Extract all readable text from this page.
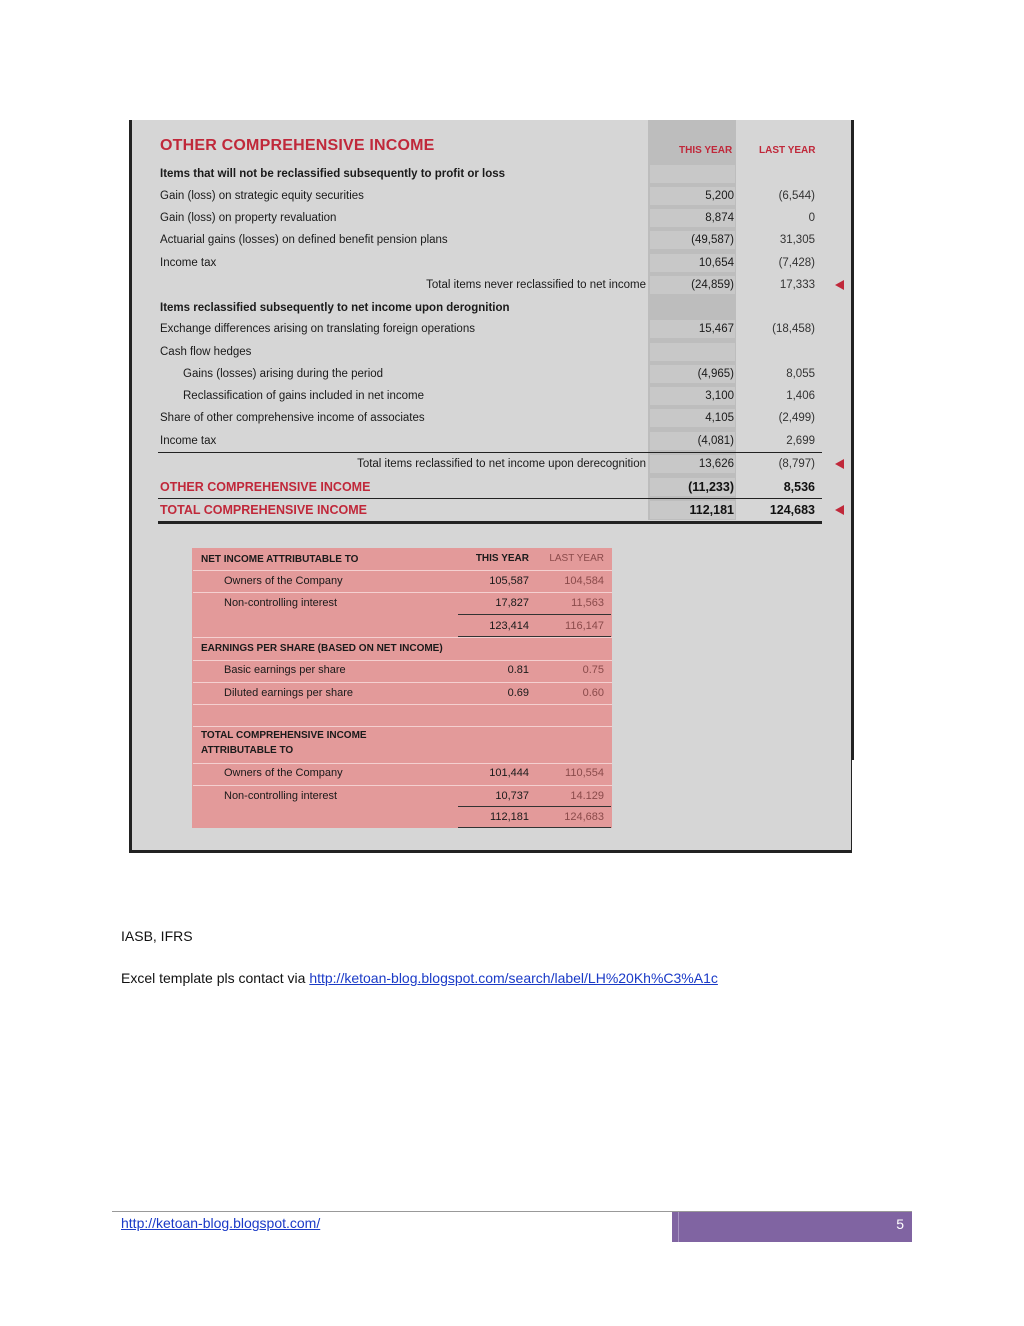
OTHER COMPREHENSIVE INCOME	THIS YEAR	LAST YEAR
Items that will not be reclassified subsequently to profit or loss
Gain (loss) on strategic equity securities	5,200	(6,544)
Gain (loss) on property revaluation	8,874	0
Actuarial gains (losses) on defined benefit pension plans	(49,587)	31,305
Income tax	10,654	(7,428)
Total items never reclassified to net income	(24,859)	17,333
Items reclassified subsequently to net income upon derognition
Exchange differences arising on translating foreign operations	15,467	(18,458)
Cash flow hedges
Gains (losses) arising during the period	(4,965)	8,055
Reclassification of gains included in net income	3,100	1,406
Share of other comprehensive income of associates	4,105	(2,499)
Income tax	(4,081)	2,699
Total items reclassified to net income upon derecognition	13,626	(8,797)
OTHER COMPREHENSIVE INCOME	(11,233)	8,536
TOTAL COMPREHENSIVE INCOME	112,181	124,683
NET INCOME ATTRIBUTABLE TO	THIS YEAR	LAST YEAR
Owners of the Company	105,587	104,584
Non-controlling interest	17,827	11,563
123,414	116,147
EARNINGS PER SHARE (BASED ON NET INCOME)
Basic earnings per share	0.81	0.75
Diluted earnings per share	0.69	0.60
TOTAL COMPREHENSIVE INCOME
ATTRIBUTABLE TO
Owners of the Company	101,444	110,554
Non-controlling interest	10,737	14.129
112,181	124,683
IASB, IFRS
Excel template pls contact via http://ketoan-blog.blogspot.com/search/label/LH%20Kh%C3%A1c
http://ketoan-blog.blogspot.com/	5
